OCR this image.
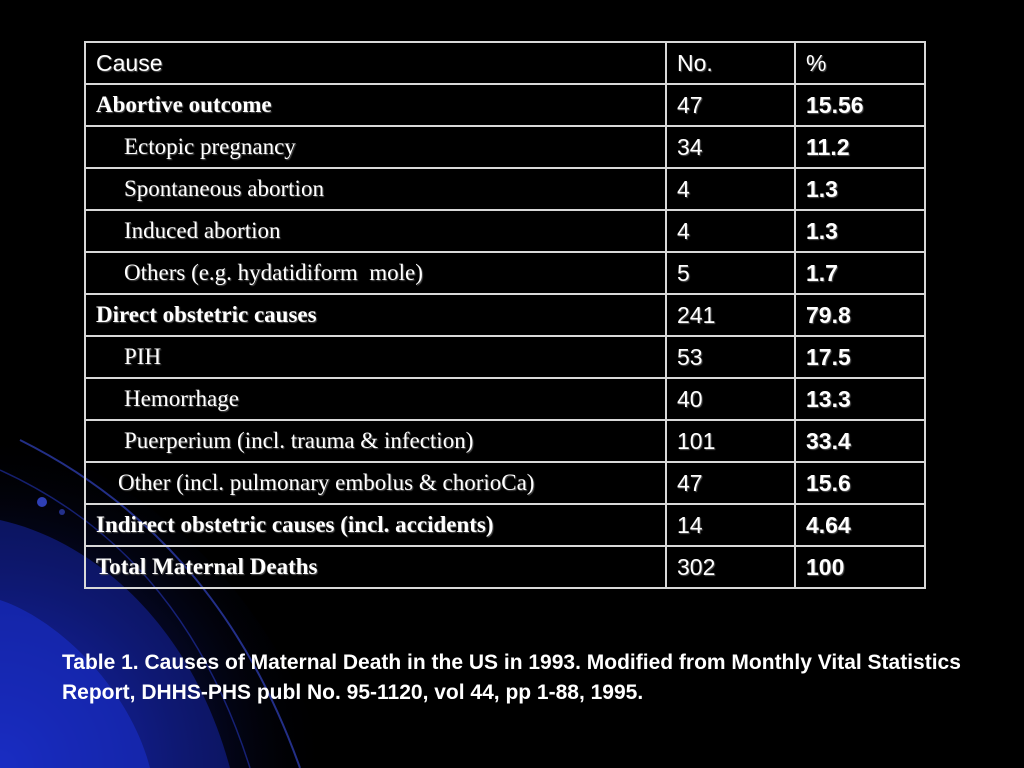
Cause	No.	%
Abortive outcome	47	15.56
Ectopic pregnancy	34	11.2
Spontaneous abortion	4	1.3
Induced abortion	4	1.3
Others (e.g. hydatidiform  mole)	5	1.7
Direct obstetric causes	241	79.8
PIH	53	17.5
Hemorrhage	40	13.3
Puerperium (incl. trauma & infection)	101	33.4
Other (incl. pulmonary embolus & chorioCa)	47	15.6
Indirect obstetric causes (incl. accidents)	14	4.64
Total Maternal Deaths	302	100
Table 1. Causes of Maternal Death in the US in 1993. Modified from Monthly Vital Statistics Report, DHHS-PHS publ No. 95-1120, vol 44, pp 1-88, 1995.
